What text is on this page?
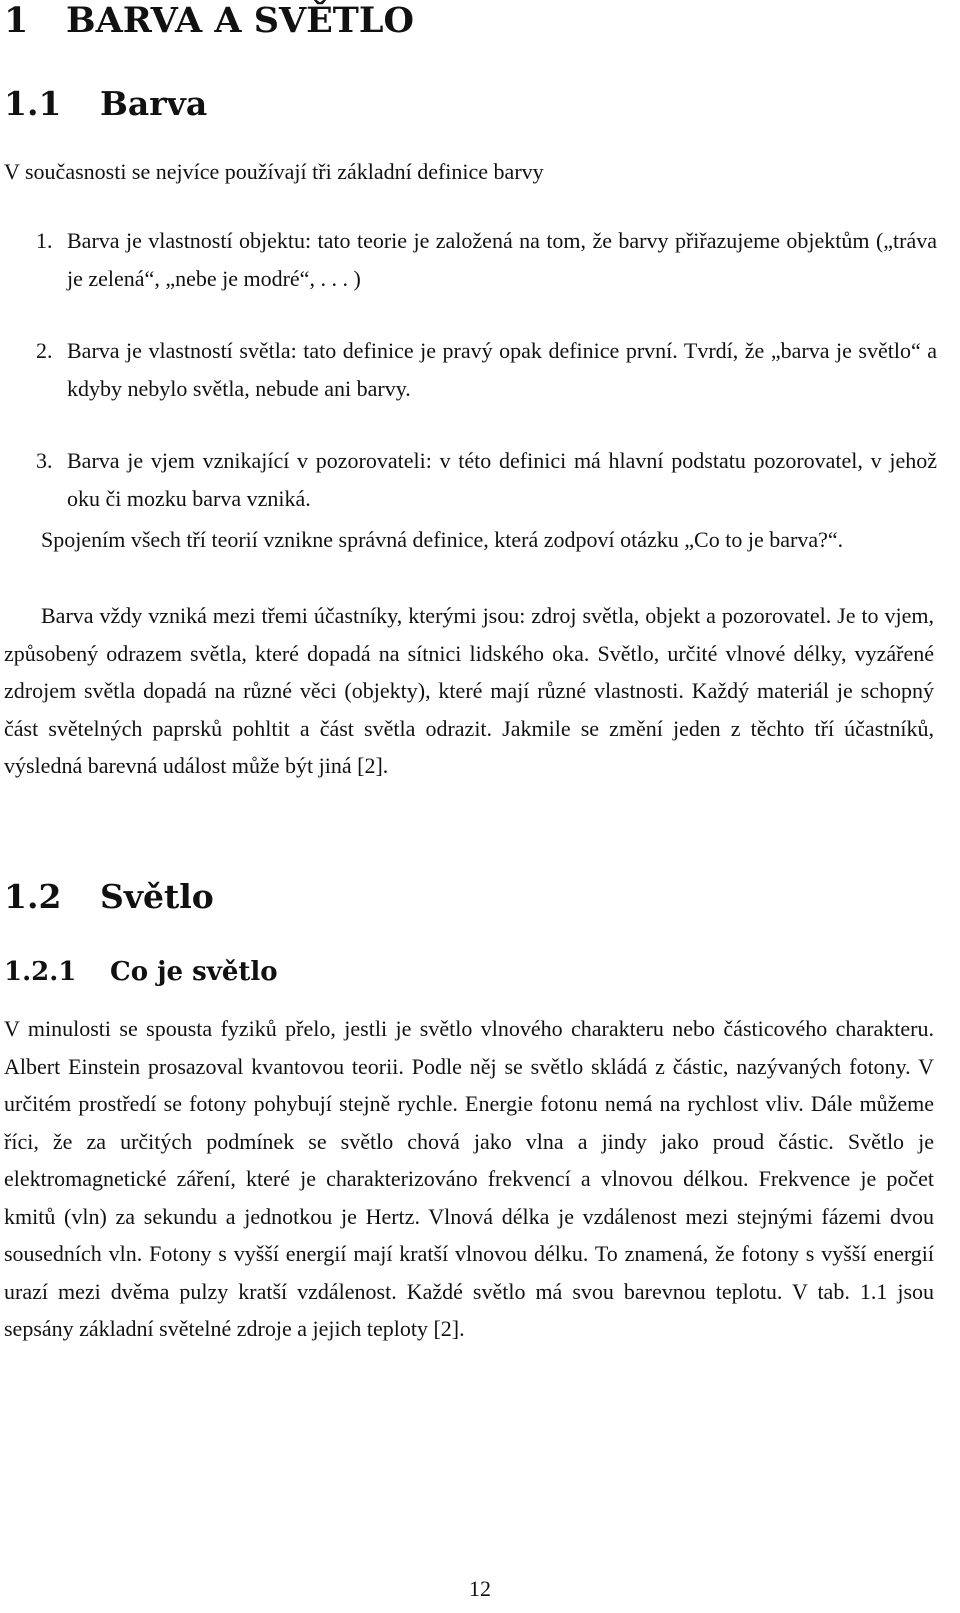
1 BARVA A SVĚTLO
1.1 Barva

V současnosti se nejvíce používají tři základní definice barvy

1. Barva je vlastností objektu: tato teorie je založená na tom, že barvy přiřazujeme objektům („tráva je zelená“, „nebe je modré“, . . . )

2. Barva je vlastností světla: tato definice je pravý opak definice první. Tvrdí, že „barva je světlo“ a kdyby nebylo světla, nebude ani barvy.

3. Barva je vjem vznikající v pozorovateli: v této definici má hlavní podstatu pozorovatel, v jehož oku či mozku barva vzniká.

Spojením všech tří teorií vznikne správná definice, která zodpoví otázku „Co to je barva?“.

Barva vždy vzniká mezi třemi účastníky, kterými jsou: zdroj světla, objekt a pozorovatel. Je to vjem, způsobený odrazem světla, které dopadá na sítnici lidského oka. Světlo, určité vlnové délky, vyzářené zdrojem světla dopadá na různé věci (objekty), které mají různé vlastnosti. Každý materiál je schopný část světelných paprsků pohltit a část světla odrazit. Jakmile se změní jeden z těchto tří účastníků, výsledná barevná událost může být jiná [2].

1.2 Světlo
1.2.1 Co je světlo

V minulosti se spousta fyziků přelo, jestli je světlo vlnového charakteru nebo částicového charakteru. Albert Einstein prosazoval kvantovou teorii. Podle něj se světlo skládá z částic, nazývaných fotony. V určitém prostředí se fotony pohybují stejně rychle. Energie fotonu nemá na rychlost vliv. Dále můžeme říci, že za určitých podmínek se světlo chová jako vlna a jindy jako proud částic. Světlo je elektromagnetické záření, které je charakterizováno frekvencí a vlnovou délkou. Frekvence je počet kmitů (vln) za sekundu a jednotkou je Hertz. Vlnová délka je vzdálenost mezi stejnými fázemi dvou sousedních vln. Fotony s vyšší energií mají kratší vlnovou délku. To znamená, že fotony s vyšší energií urazí mezi dvěma pulzy kratší vzdálenost. Každé světlo má svou barevnou teplotu. V tab. 1.1 jsou sepsány základní světelné zdroje a jejich teploty [2].

12
